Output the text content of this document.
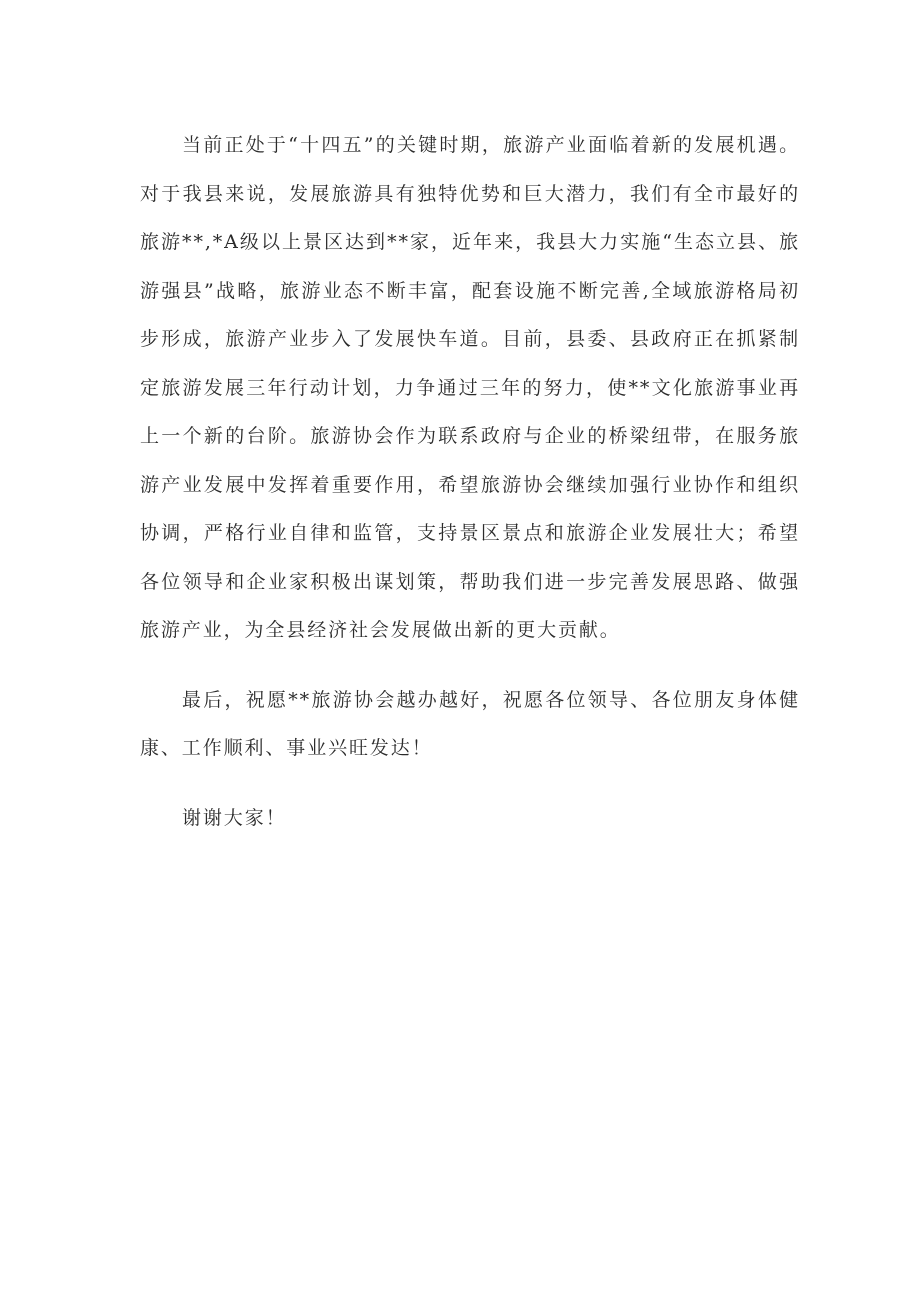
当前正处于“十四五”的关键时期，旅游产业面临着新的发展机遇。对于我县来说，发展旅游具有独特优势和巨大潜力，我们有全市最好的旅游**,*A级以上景区达到**家，近年来，我县大力实施“生态立县、旅游强县”战略，旅游业态不断丰富，配套设施不断完善,全域旅游格局初步形成，旅游产业步入了发展快车道。目前，县委、县政府正在抓紧制定旅游发展三年行动计划，力争通过三年的努力，使**文化旅游事业再上一个新的台阶。旅游协会作为联系政府与企业的桥梁纽带，在服务旅游产业发展中发挥着重要作用，希望旅游协会继续加强行业协作和组织协调，严格行业自律和监管，支持景区景点和旅游企业发展壮大；希望各位领导和企业家积极出谋划策，帮助我们进一步完善发展思路、做强旅游产业，为全县经济社会发展做出新的更大贡献。

最后，祝愿**旅游协会越办越好，祝愿各位领导、各位朋友身体健康、工作顺利、事业兴旺发达！

谢谢大家！
